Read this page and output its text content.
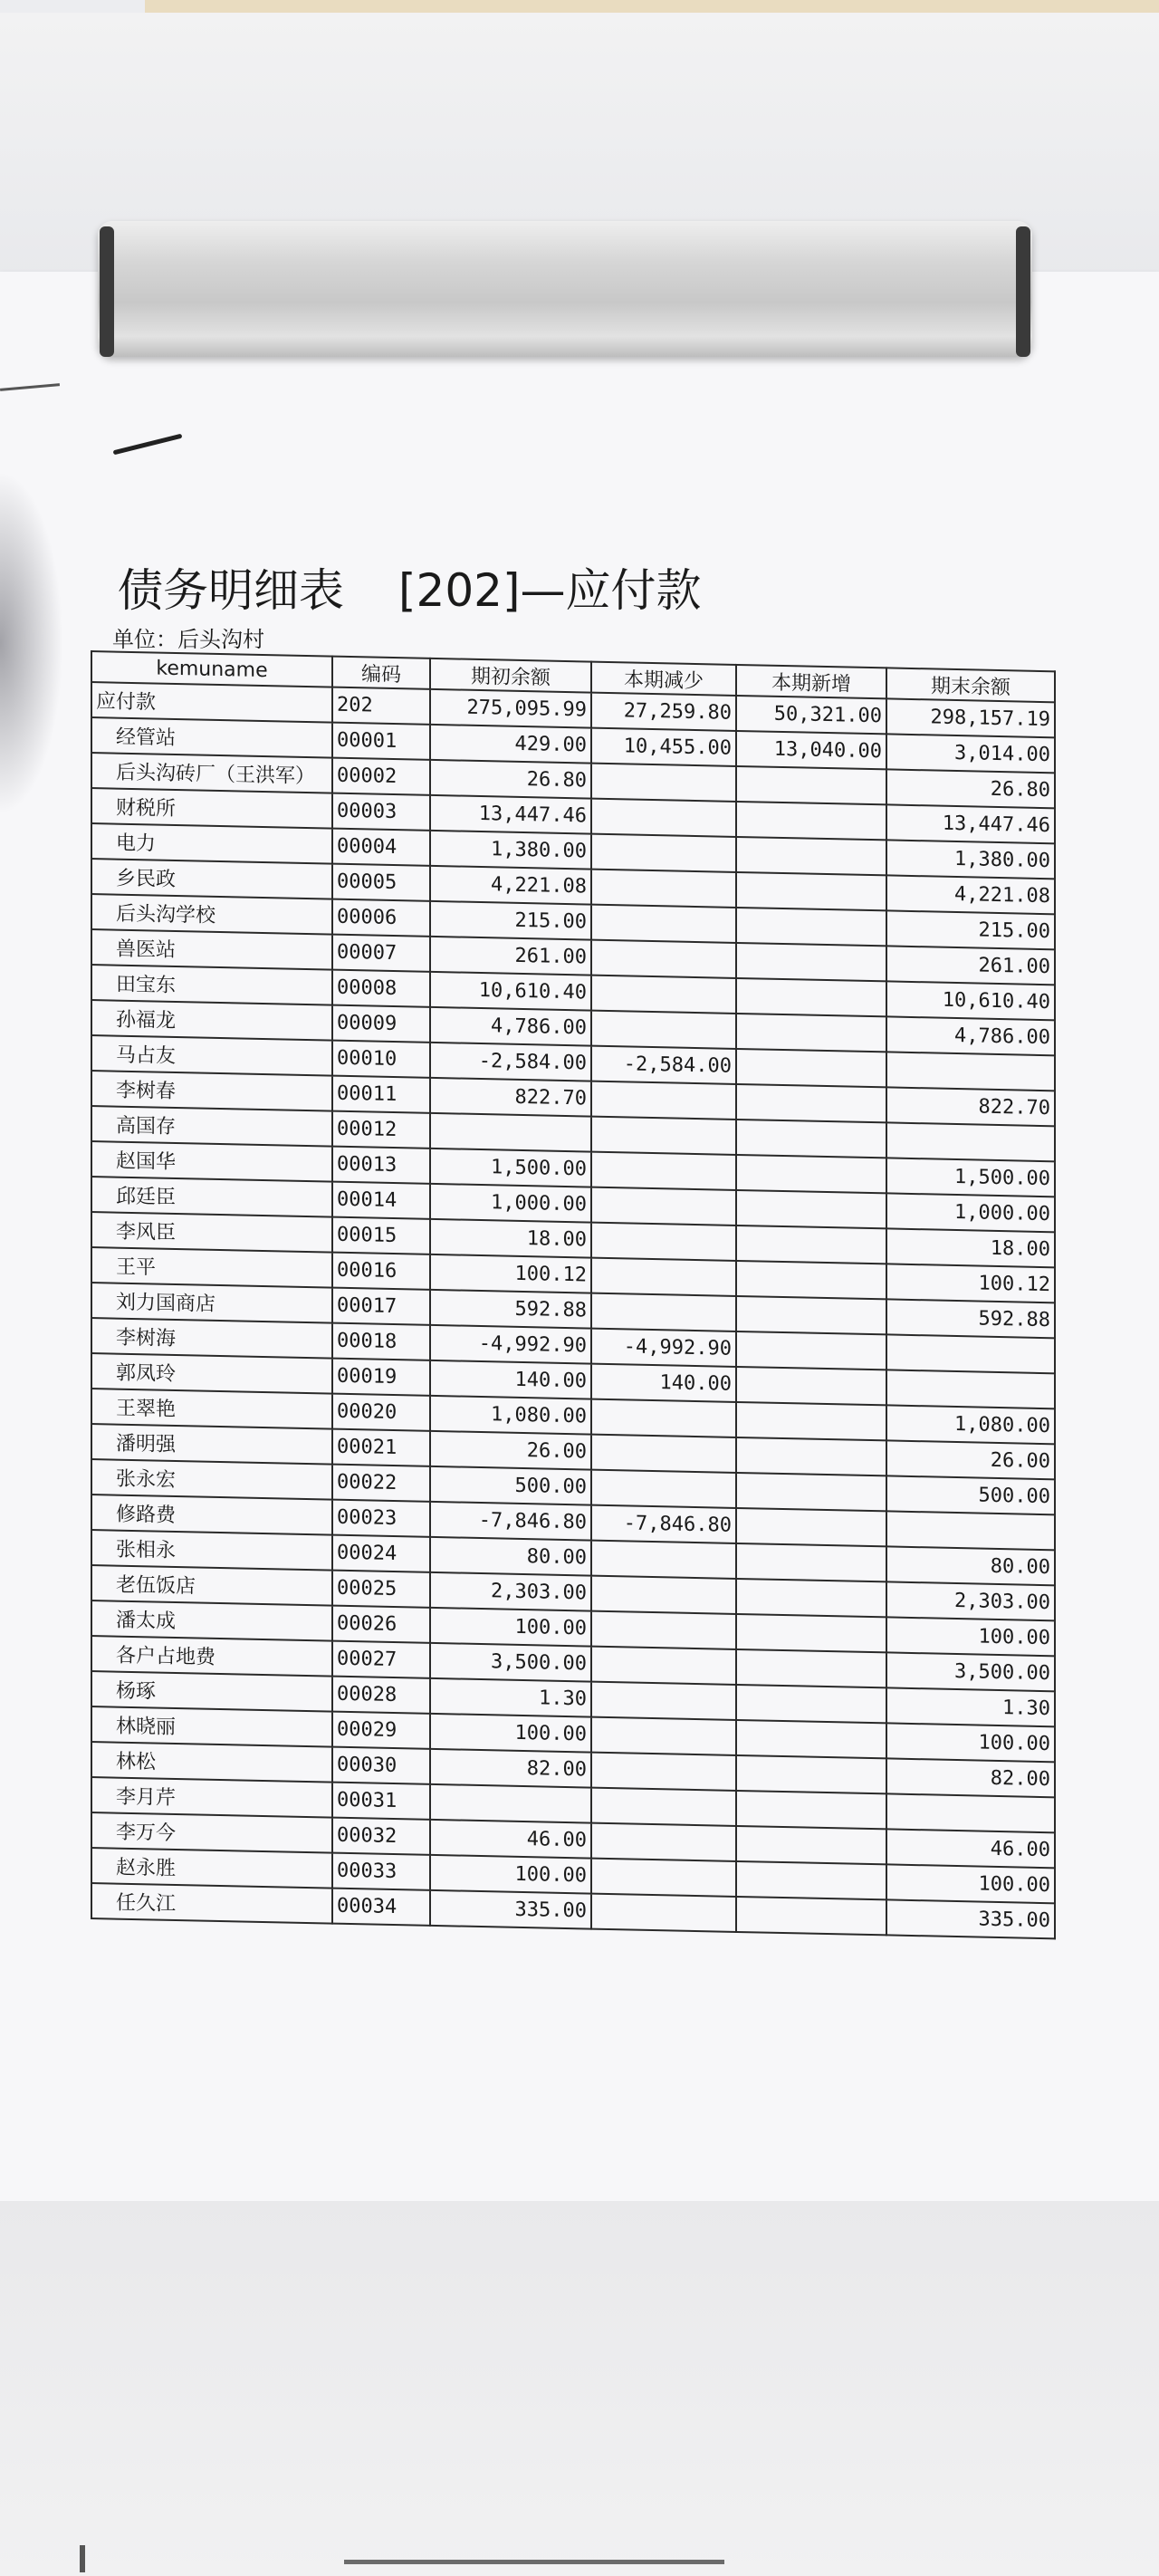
债务明细表 [202]—应付款
单位：后头沟村
kemuname	编码	期初余额	本期减少	本期新增	期末余额
应付款	202	275,095.99	27,259.80	50,321.00	298,157.19
经管站	00001	429.00	10,455.00	13,040.00	3,014.00
后头沟砖厂（王洪军）	00002	26.80			26.80
财税所	00003	13,447.46			13,447.46
电力	00004	1,380.00			1,380.00
乡民政	00005	4,221.08			4,221.08
后头沟学校	00006	215.00			215.00
兽医站	00007	261.00			261.00
田宝东	00008	10,610.40			10,610.40
孙福龙	00009	4,786.00			4,786.00
马占友	00010	-2,584.00	-2,584.00		
李树春	00011	822.70			822.70
高国存	00012				
赵国华	00013	1,500.00			1,500.00
邱廷臣	00014	1,000.00			1,000.00
李风臣	00015	18.00			18.00
王平	00016	100.12			100.12
刘力国商店	00017	592.88			592.88
李树海	00018	-4,992.90	-4,992.90		
郭凤玲	00019	140.00	140.00		
王翠艳	00020	1,080.00			1,080.00
潘明强	00021	26.00			26.00
张永宏	00022	500.00			500.00
修路费	00023	-7,846.80	-7,846.80		
张相永	00024	80.00			80.00
老伍饭店	00025	2,303.00			2,303.00
潘太成	00026	100.00			100.00
各户占地费	00027	3,500.00			3,500.00
杨琢	00028	1.30			1.30
林晓丽	00029	100.00			100.00
林松	00030	82.00			82.00
李月芹	00031				
李万今	00032	46.00			46.00
赵永胜	00033	100.00			100.00
任久江	00034	335.00			335.00
